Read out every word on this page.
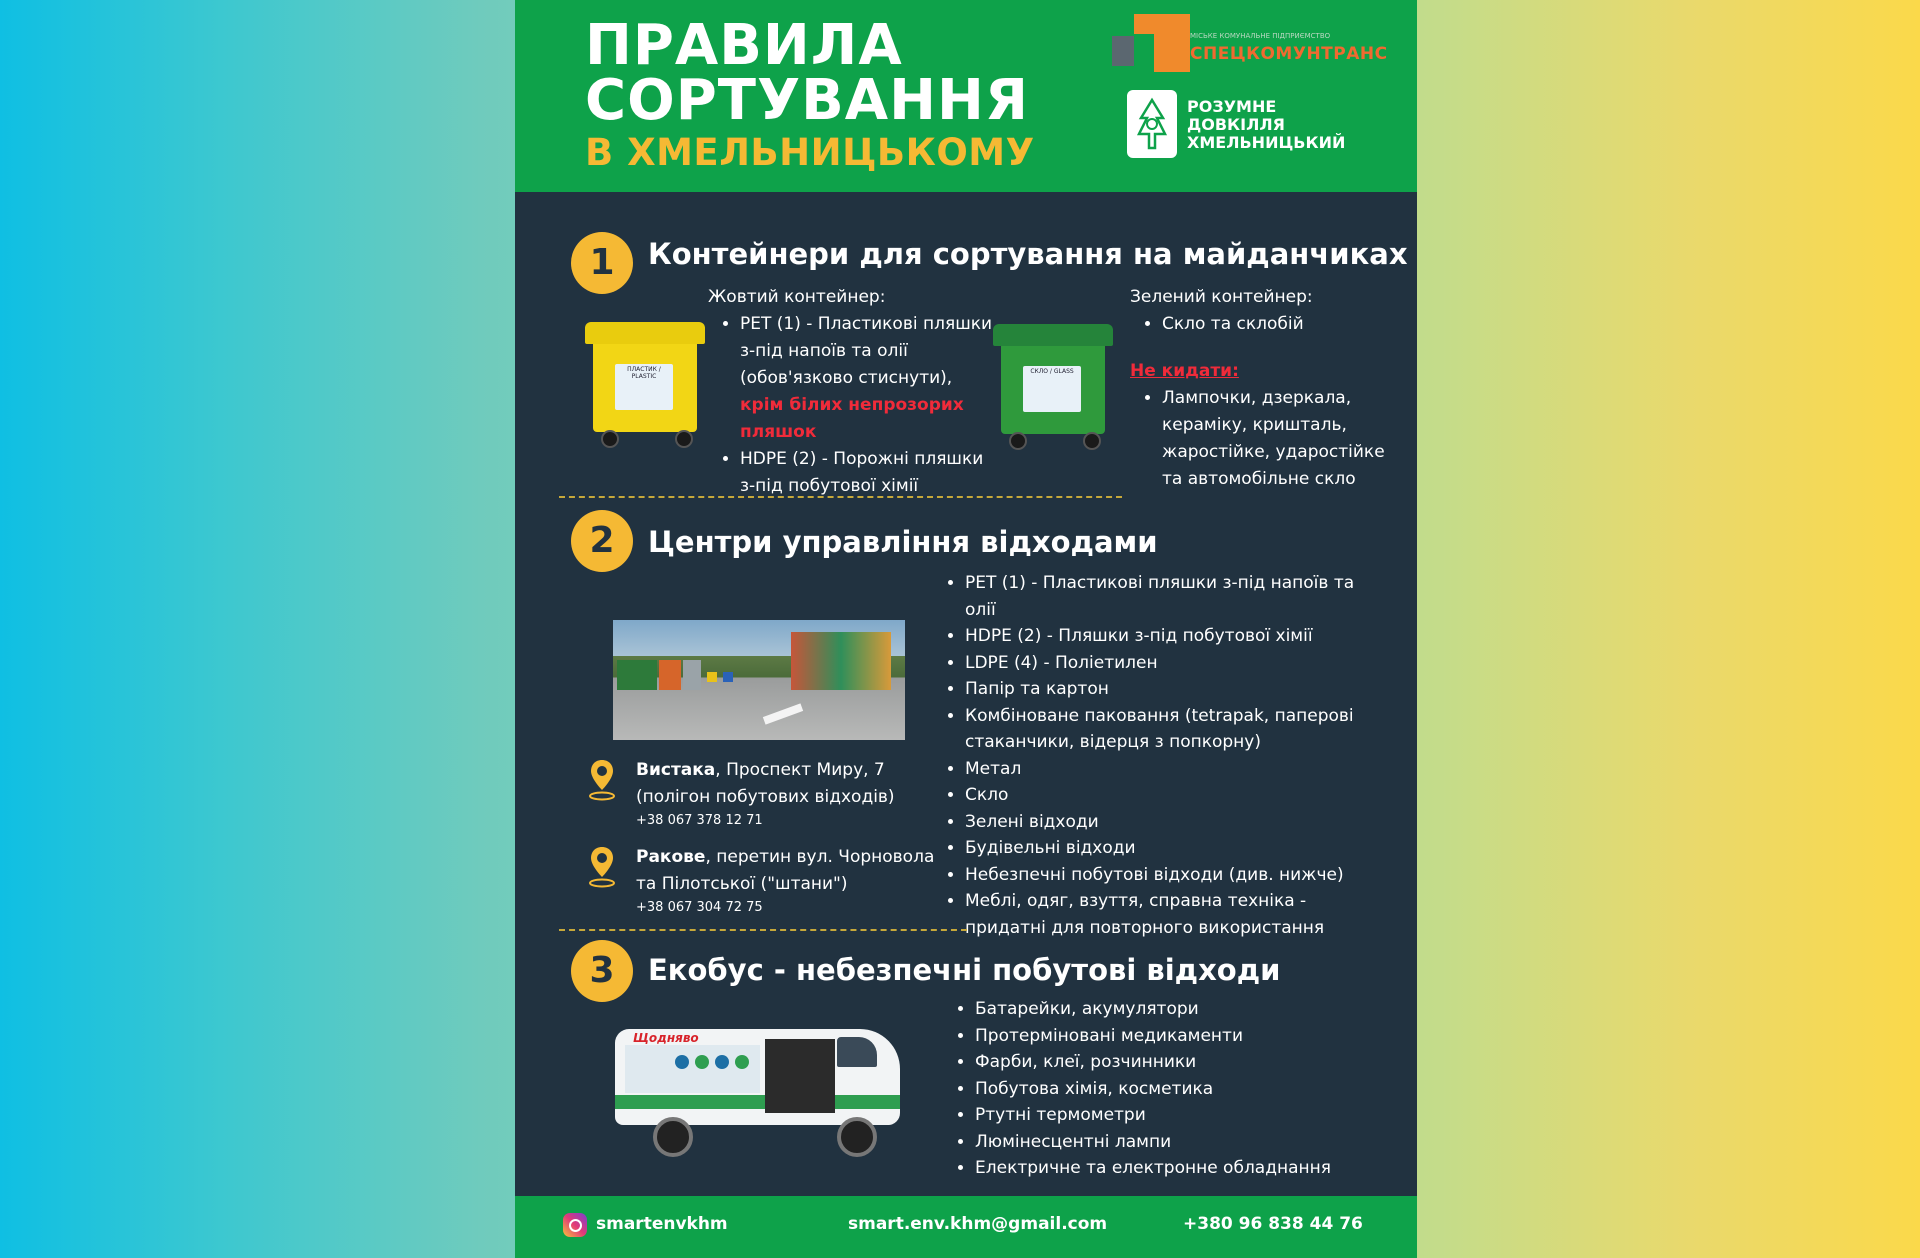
ПРАВИЛА
СОРТУВАННЯ
В ХМЕЛЬНИЦЬКОМУ
МІСЬКЕ КОМУНАЛЬНЕ ПІДПРИЄМСТВО
СПЕЦКОМУНТРАНС
РОЗУМНЕ
ДОВКІЛЛЯ
ХМЕЛЬНИЦЬКИЙ
1	Контейнери для сортування на майданчиках
ПЛАСТИК / PLASTIC
Жовтий контейнер:
• PET (1) - Пластикові пляшки з-під напоїв та олії (обов'язково стиснути), крім білих непрозорих пляшок
• HDPE (2) - Порожні пляшки з-під побутової хімії
СКЛО / GLASS
Зелений контейнер:
• Скло та склобій
Не кидати:
• Лампочки, дзеркала, кераміку, кришталь, жаростійке, ударостійке та автомобільне скло
2	Центри управління відходами
Вистака, Проспект Миру, 7 (полігон побутових відходів)
+38 067 378 12 71
Ракове, перетин вул. Чорновола та Пілотської ("штани")
+38 067 304 72 75
• PET (1) - Пластикові пляшки з-під напоїв та олії
• HDPE (2) - Пляшки з-під побутової хімії
• LDPE (4) - Поліетилен
• Папір та картон
• Комбіноване паковання (tetrapak, паперові стаканчики, відерця з попкорну)
• Метал
• Скло
• Зелені відходи
• Будівельні відходи
• Небезпечні побутові відходи (див. нижче)
• Меблі, одяг, взуття, справна техніка - придатні для повторного використання
3	Екобус - небезпечні побутові відходи
Щоднявo
• Батарейки, акумулятори
• Протерміновані медикаменти
• Фарби, клеї, розчинники
• Побутова хімія, косметика
• Ртутні термометри
• Люмінесцентні лампи
• Електричне та електронне обладнання
smartenvkhm	smart.env.khm@gmail.com	+380 96 838 44 76
